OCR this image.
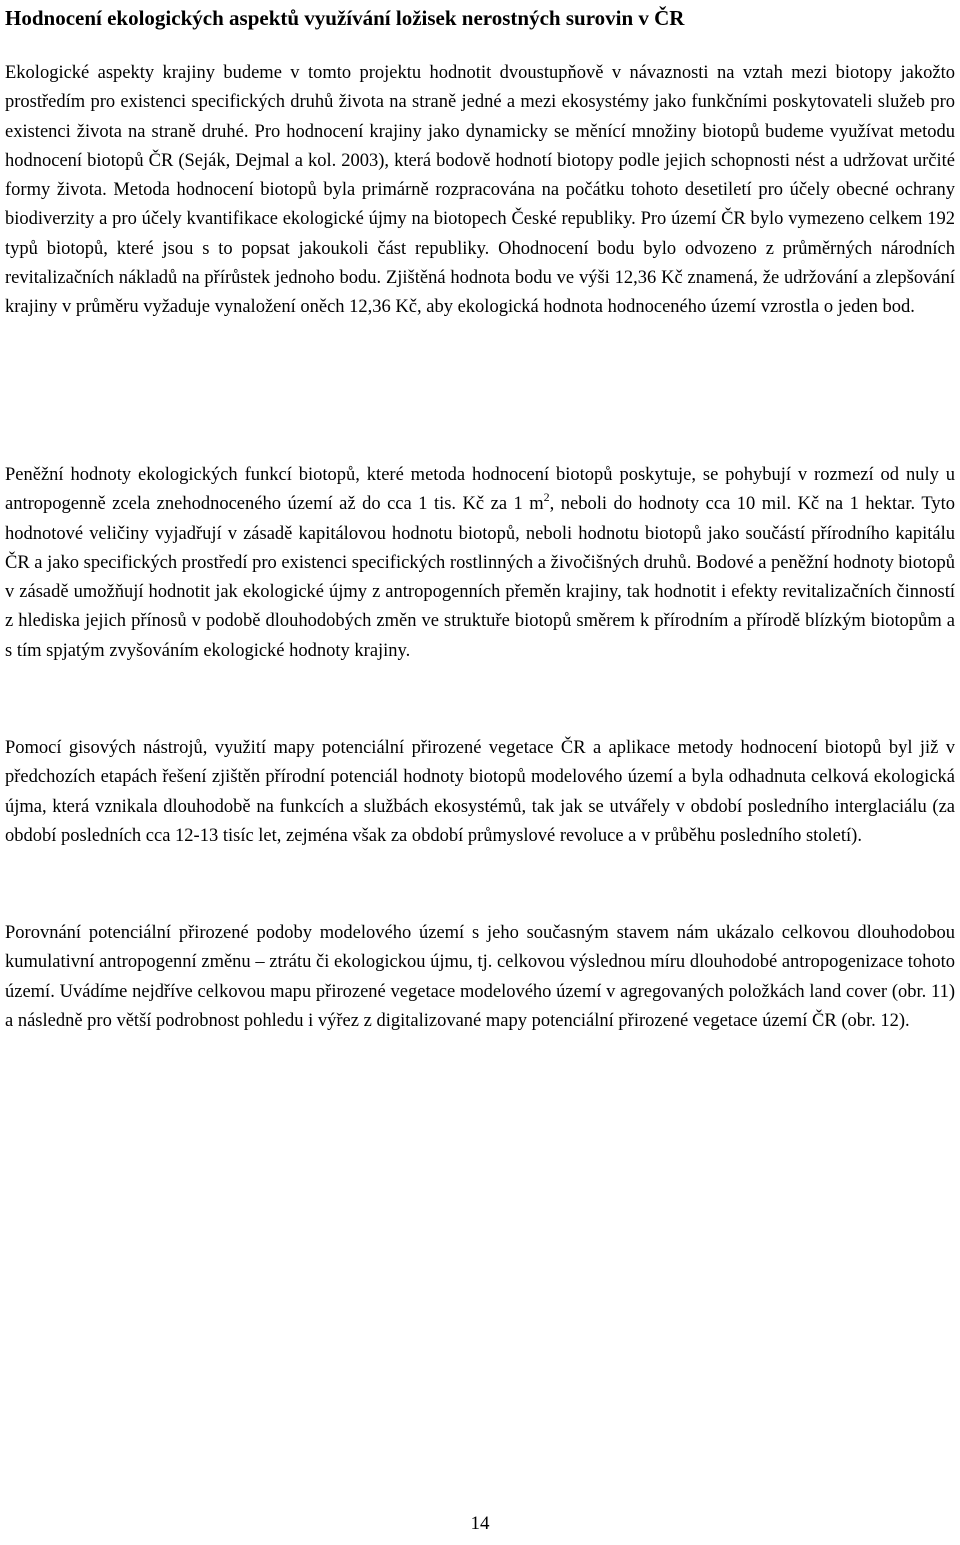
Hodnocení ekologických aspektů využívání ložisek nerostných surovin v ČR

Ekologické aspekty krajiny budeme v tomto projektu hodnotit dvoustupňově v návaznosti na vztah mezi biotopy jakožto prostředím pro existenci specifických druhů života na straně jedné a mezi ekosystémy jako funkčními poskytovateli služeb pro existenci života na straně druhé. Pro hodnocení krajiny jako dynamicky se měnící množiny biotopů budeme využívat metodu hodnocení biotopů ČR (Seják, Dejmal a kol. 2003), která bodově hodnotí biotopy podle jejich schopnosti nést a udržovat určité formy života. Metoda hodnocení biotopů byla primárně rozpracována na počátku tohoto desetiletí pro účely obecné ochrany biodiverzity a pro účely kvantifikace ekologické újmy na biotopech České republiky. Pro území ČR bylo vymezeno celkem 192 typů biotopů, které jsou s to popsat jakoukoli část republiky. Ohodnocení bodu bylo odvozeno z průměrných národních revitalizačních nákladů na přírůstek jednoho bodu. Zjištěná hodnota bodu ve výši 12,36 Kč znamená, že udržování a zlepšování krajiny v průměru vyžaduje vynaložení oněch 12,36 Kč, aby ekologická hodnota hodnoceného území vzrostla o jeden bod.

Peněžní hodnoty ekologických funkcí biotopů, které metoda hodnocení biotopů poskytuje, se pohybují v rozmezí od nuly u antropogenně zcela znehodnoceného území až do cca 1 tis. Kč za 1 $m^2$, neboli do hodnoty cca 10 mil. Kč na 1 hektar. Tyto hodnotové veličiny vyjadřují v zásadě kapitálovou hodnotu biotopů, neboli hodnotu biotopů jako součástí přírodního kapitálu ČR a jako specifických prostředí pro existenci specifických rostlinných a živočišných druhů. Bodové a peněžní hodnoty biotopů v zásadě umožňují hodnotit jak ekologické újmy z antropogenních přeměn krajiny, tak hodnotit i efekty revitalizačních činností z hlediska jejich přínosů v podobě dlouhodobých změn ve struktuře biotopů směrem k přírodním a přírodě blízkým biotopům a s tím spjatým zvyšováním ekologické hodnoty krajiny.

Pomocí gisových nástrojů, využití mapy potenciální přirozené vegetace ČR a aplikace metody hodnocení biotopů byl již v předchozích etapách řešení zjištěn přírodní potenciál hodnoty biotopů modelového území a byla odhadnuta celková ekologická újma, která vznikala dlouhodobě na funkcích a službách ekosystémů, tak jak se utvářely v období posledního interglaciálu (za období posledních cca 12-13 tisíc let, zejména však za období průmyslové revoluce a v průběhu posledního století).

Porovnání potenciální přirozené podoby modelového území s jeho současným stavem nám ukázalo celkovou dlouhodobou kumulativní antropogenní změnu – ztrátu či ekologickou újmu, tj. celkovou výslednou míru dlouhodobé antropogenizace tohoto území. Uvádíme nejdříve celkovou mapu přirozené vegetace modelového území v agregovaných položkách land cover (obr. 11) a následně pro větší podrobnost pohledu i výřez z digitalizované mapy potenciální přirozené vegetace území ČR (obr. 12).

14
